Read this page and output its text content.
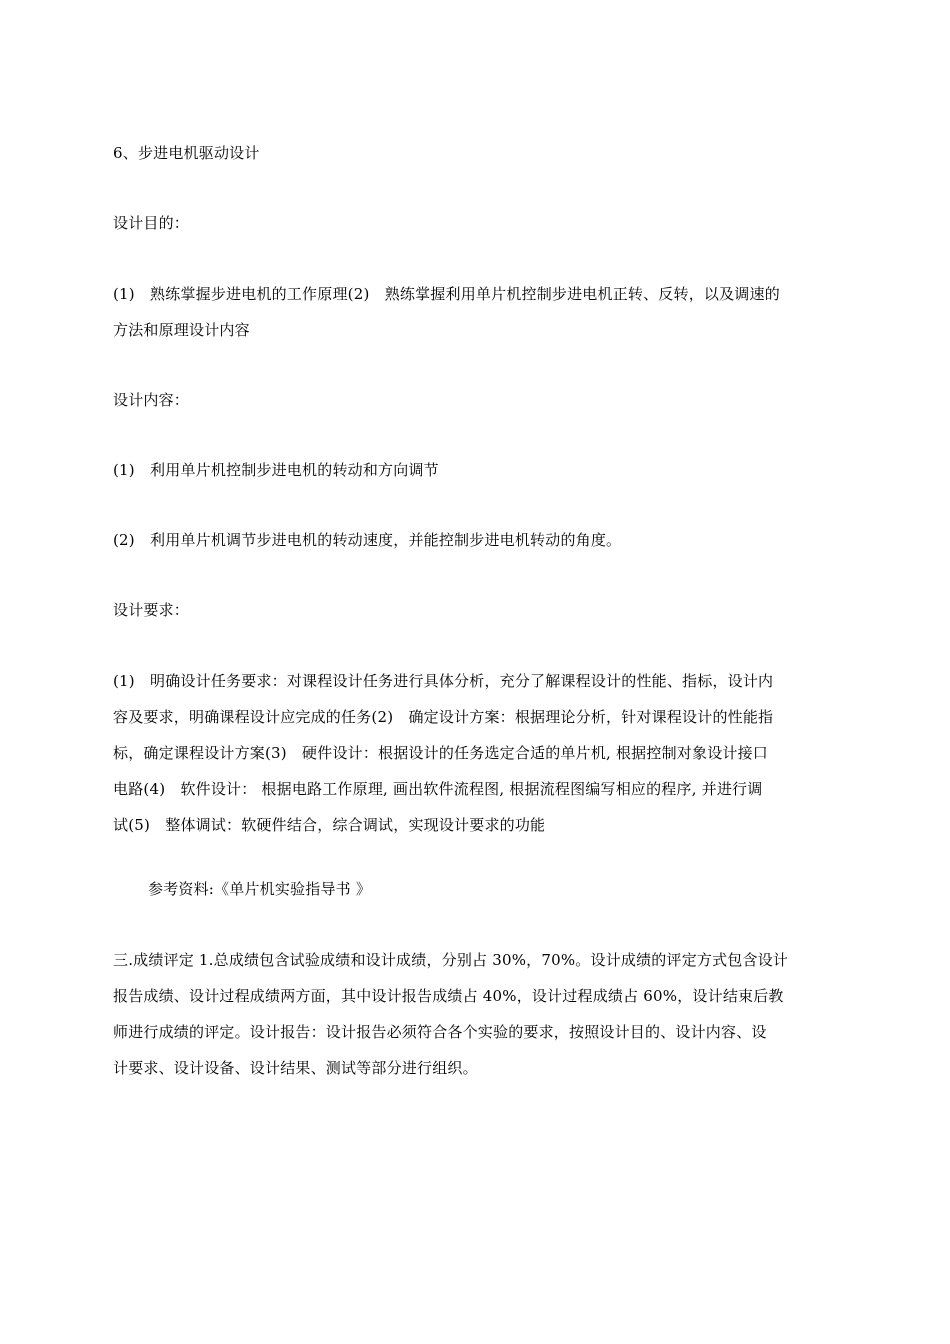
6、步进电机驱动设计
设计目的：
(1)　熟练掌握步进电机的工作原理(2)　熟练掌握利用单片机控制步进电机正转、反转，以及调速的
方法和原理设计内容
设计内容：
(1)　利用单片机控制步进电机的转动和方向调节
(2)　利用单片机调节步进电机的转动速度，并能控制步进电机转动的角度。
设计要求：
(1)　明确设计任务要求：对课程设计任务进行具体分析，充分了解课程设计的性能、指标，设计内
容及要求，明确课程设计应完成的任务(2)　确定设计方案：根据理论分析，针对课程设计的性能指
标，确定课程设计方案(3)　硬件设计：根据设计的任务选定合适的单片机, 根据控制对象设计接口
电路(4)　软件设计： 根据电路工作原理, 画出软件流程图, 根据流程图编写相应的程序, 并进行调
试(5)　整体调试：软硬件结合，综合调试，实现设计要求的功能
参考资料:《单片机实验指导书 》
三.成绩评定 1.总成绩包含试验成绩和设计成绩，分别占 30%，70%。设计成绩的评定方式包含设计
报告成绩、设计过程成绩两方面，其中设计报告成绩占 40%，设计过程成绩占 60%，设计结束后教
师进行成绩的评定。设计报告：设计报告必须符合各个实验的要求，按照设计目的、设计内容、设
计要求、设计设备、设计结果、测试等部分进行组织。
